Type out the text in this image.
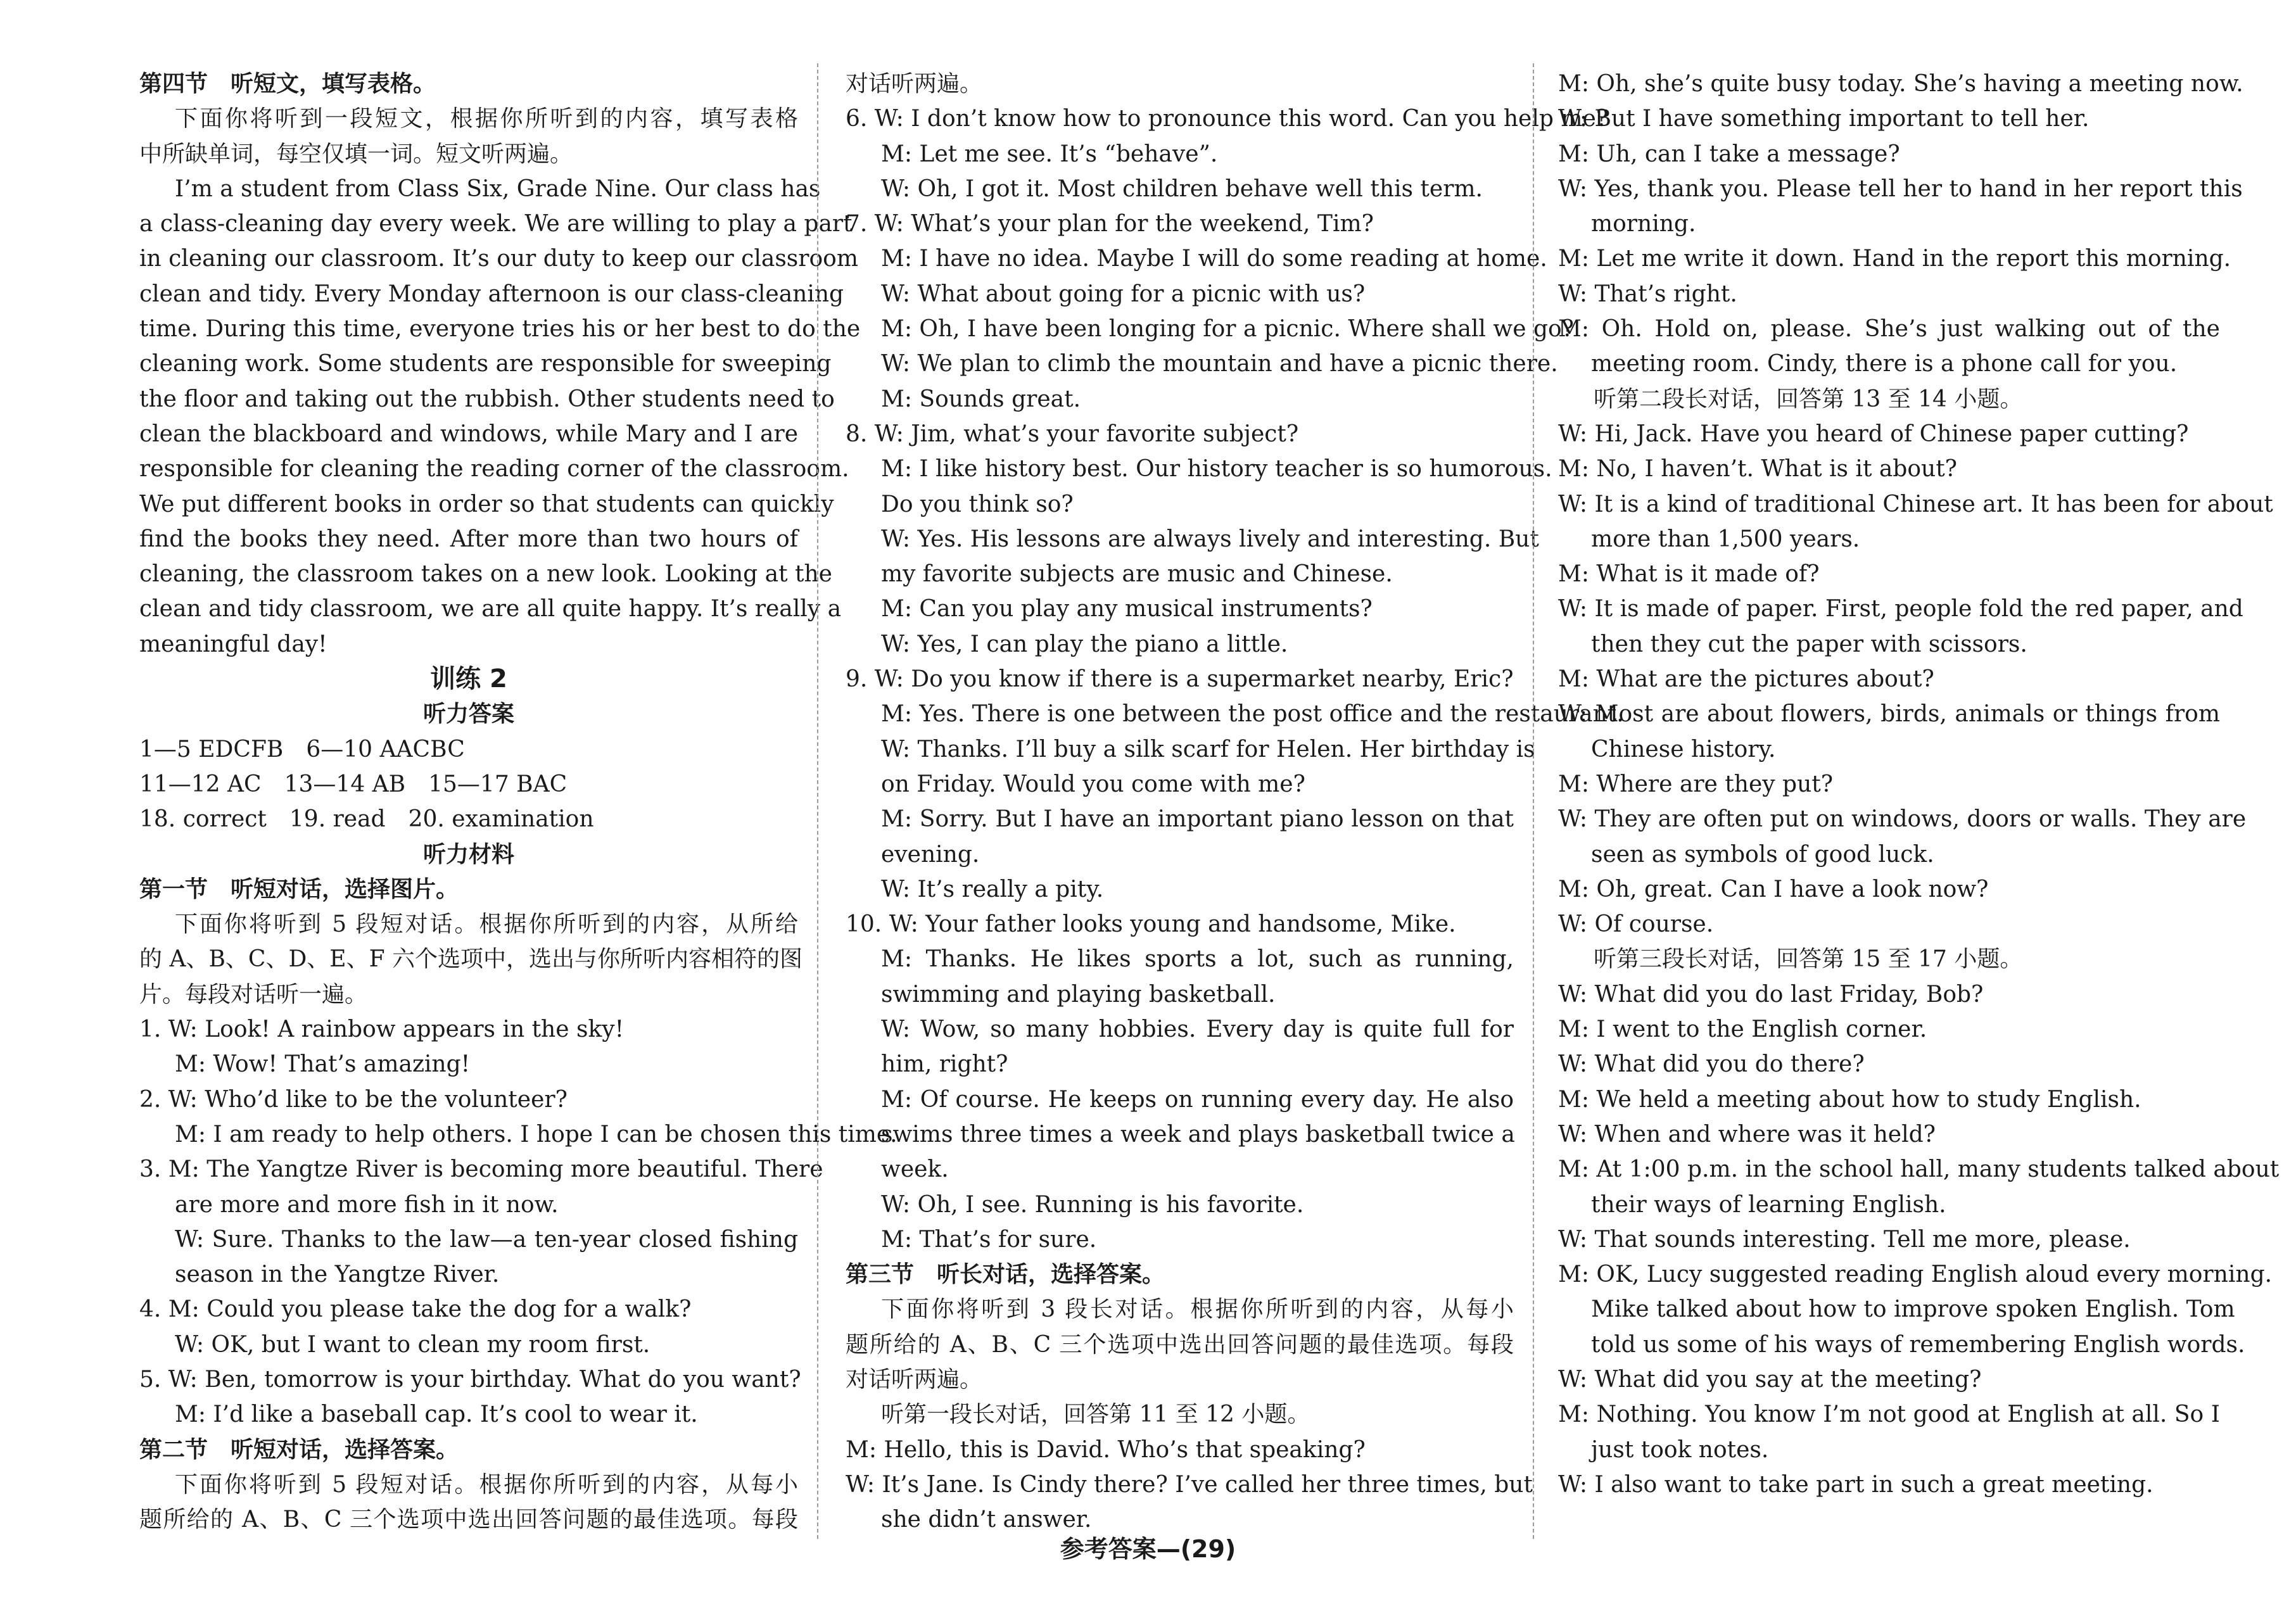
第四节　听短文，填写表格。
下面你将听到一段短文，根据你所听到的内容，填写表格
中所缺单词，每空仅填一词。短文听两遍。
I’m a student from Class Six, Grade Nine. Our class has
a class-cleaning day every week. We are willing to play a part
in cleaning our classroom. It’s our duty to keep our classroom
clean and tidy. Every Monday afternoon is our class-cleaning
time. During this time, everyone tries his or her best to do the
cleaning work. Some students are responsible for sweeping
the floor and taking out the rubbish. Other students need to
clean the blackboard and windows, while Mary and I are
responsible for cleaning the reading corner of the classroom.
We put different books in order so that students can quickly
find the books they need. After more than two hours of
cleaning, the classroom takes on a new look. Looking at the
clean and tidy classroom, we are all quite happy. It’s really a
meaningful day!
训练 2
听力答案
1—5 EDCFB　6—10 AACBC
11—12 AC　13—14 AB　15—17 BAC
18. correct　19. read　20. examination
听力材料
第一节　听短对话，选择图片。
下面你将听到 5 段短对话。根据你所听到的内容，从所给
的 A、B、C、D、E、F 六个选项中，选出与你所听内容相符的图
片。每段对话听一遍。
1. W: Look! A rainbow appears in the sky!
M: Wow! That’s amazing!
2. W: Who’d like to be the volunteer?
M: I am ready to help others. I hope I can be chosen this time.
3. M: The Yangtze River is becoming more beautiful. There
are more and more fish in it now.
W: Sure. Thanks to the law—a ten-year closed fishing
season in the Yangtze River.
4. M: Could you please take the dog for a walk?
W: OK, but I want to clean my room first.
5. W: Ben, tomorrow is your birthday. What do you want?
M: I’d like a baseball cap. It’s cool to wear it.
第二节　听短对话，选择答案。
下面你将听到 5 段短对话。根据你所听到的内容，从每小
题所给的 A、B、C 三个选项中选出回答问题的最佳选项。每段
对话听两遍。
6. W: I don’t know how to pronounce this word. Can you help me?
M: Let me see. It’s “behave”.
W: Oh, I got it. Most children behave well this term.
7. W: What’s your plan for the weekend, Tim?
M: I have no idea. Maybe I will do some reading at home.
W: What about going for a picnic with us?
M: Oh, I have been longing for a picnic. Where shall we go?
W: We plan to climb the mountain and have a picnic there.
M: Sounds great.
8. W: Jim, what’s your favorite subject?
M: I like history best. Our history teacher is so humorous.
Do you think so?
W: Yes. His lessons are always lively and interesting. But
my favorite subjects are music and Chinese.
M: Can you play any musical instruments?
W: Yes, I can play the piano a little.
9. W: Do you know if there is a supermarket nearby, Eric?
M: Yes. There is one between the post office and the restaurant.
W: Thanks. I’ll buy a silk scarf for Helen. Her birthday is
on Friday. Would you come with me?
M: Sorry. But I have an important piano lesson on that
evening.
W: It’s really a pity.
10. W: Your father looks young and handsome, Mike.
M: Thanks. He likes sports a lot, such as running,
swimming and playing basketball.
W: Wow, so many hobbies. Every day is quite full for
him, right?
M: Of course. He keeps on running every day. He also
swims three times a week and plays basketball twice a
week.
W: Oh, I see. Running is his favorite.
M: That’s for sure.
第三节　听长对话，选择答案。
下面你将听到 3 段长对话。根据你所听到的内容，从每小
题所给的 A、B、C 三个选项中选出回答问题的最佳选项。每段
对话听两遍。
听第一段长对话，回答第 11 至 12 小题。
M: Hello, this is David. Who’s that speaking?
W: It’s Jane. Is Cindy there? I’ve called her three times, but
she didn’t answer.
M: Oh, she’s quite busy today. She’s having a meeting now.
W: But I have something important to tell her.
M: Uh, can I take a message?
W: Yes, thank you. Please tell her to hand in her report this
morning.
M: Let me write it down. Hand in the report this morning.
W: That’s right.
M: Oh. Hold on, please. She’s just walking out of the
meeting room. Cindy, there is a phone call for you.
听第二段长对话，回答第 13 至 14 小题。
W: Hi, Jack. Have you heard of Chinese paper cutting?
M: No, I haven’t. What is it about?
W: It is a kind of traditional Chinese art. It has been for about
more than 1,500 years.
M: What is it made of?
W: It is made of paper. First, people fold the red paper, and
then they cut the paper with scissors.
M: What are the pictures about?
W: Most are about flowers, birds, animals or things from
Chinese history.
M: Where are they put?
W: They are often put on windows, doors or walls. They are
seen as symbols of good luck.
M: Oh, great. Can I have a look now?
W: Of course.
听第三段长对话，回答第 15 至 17 小题。
W: What did you do last Friday, Bob?
M: I went to the English corner.
W: What did you do there?
M: We held a meeting about how to study English.
W: When and where was it held?
M: At 1:00 p.m. in the school hall, many students talked about
their ways of learning English.
W: That sounds interesting. Tell me more, please.
M: OK, Lucy suggested reading English aloud every morning.
Mike talked about how to improve spoken English. Tom
told us some of his ways of remembering English words.
W: What did you say at the meeting?
M: Nothing. You know I’m not good at English at all. So I
just took notes.
W: I also want to take part in such a great meeting.
参考答案—(29)
